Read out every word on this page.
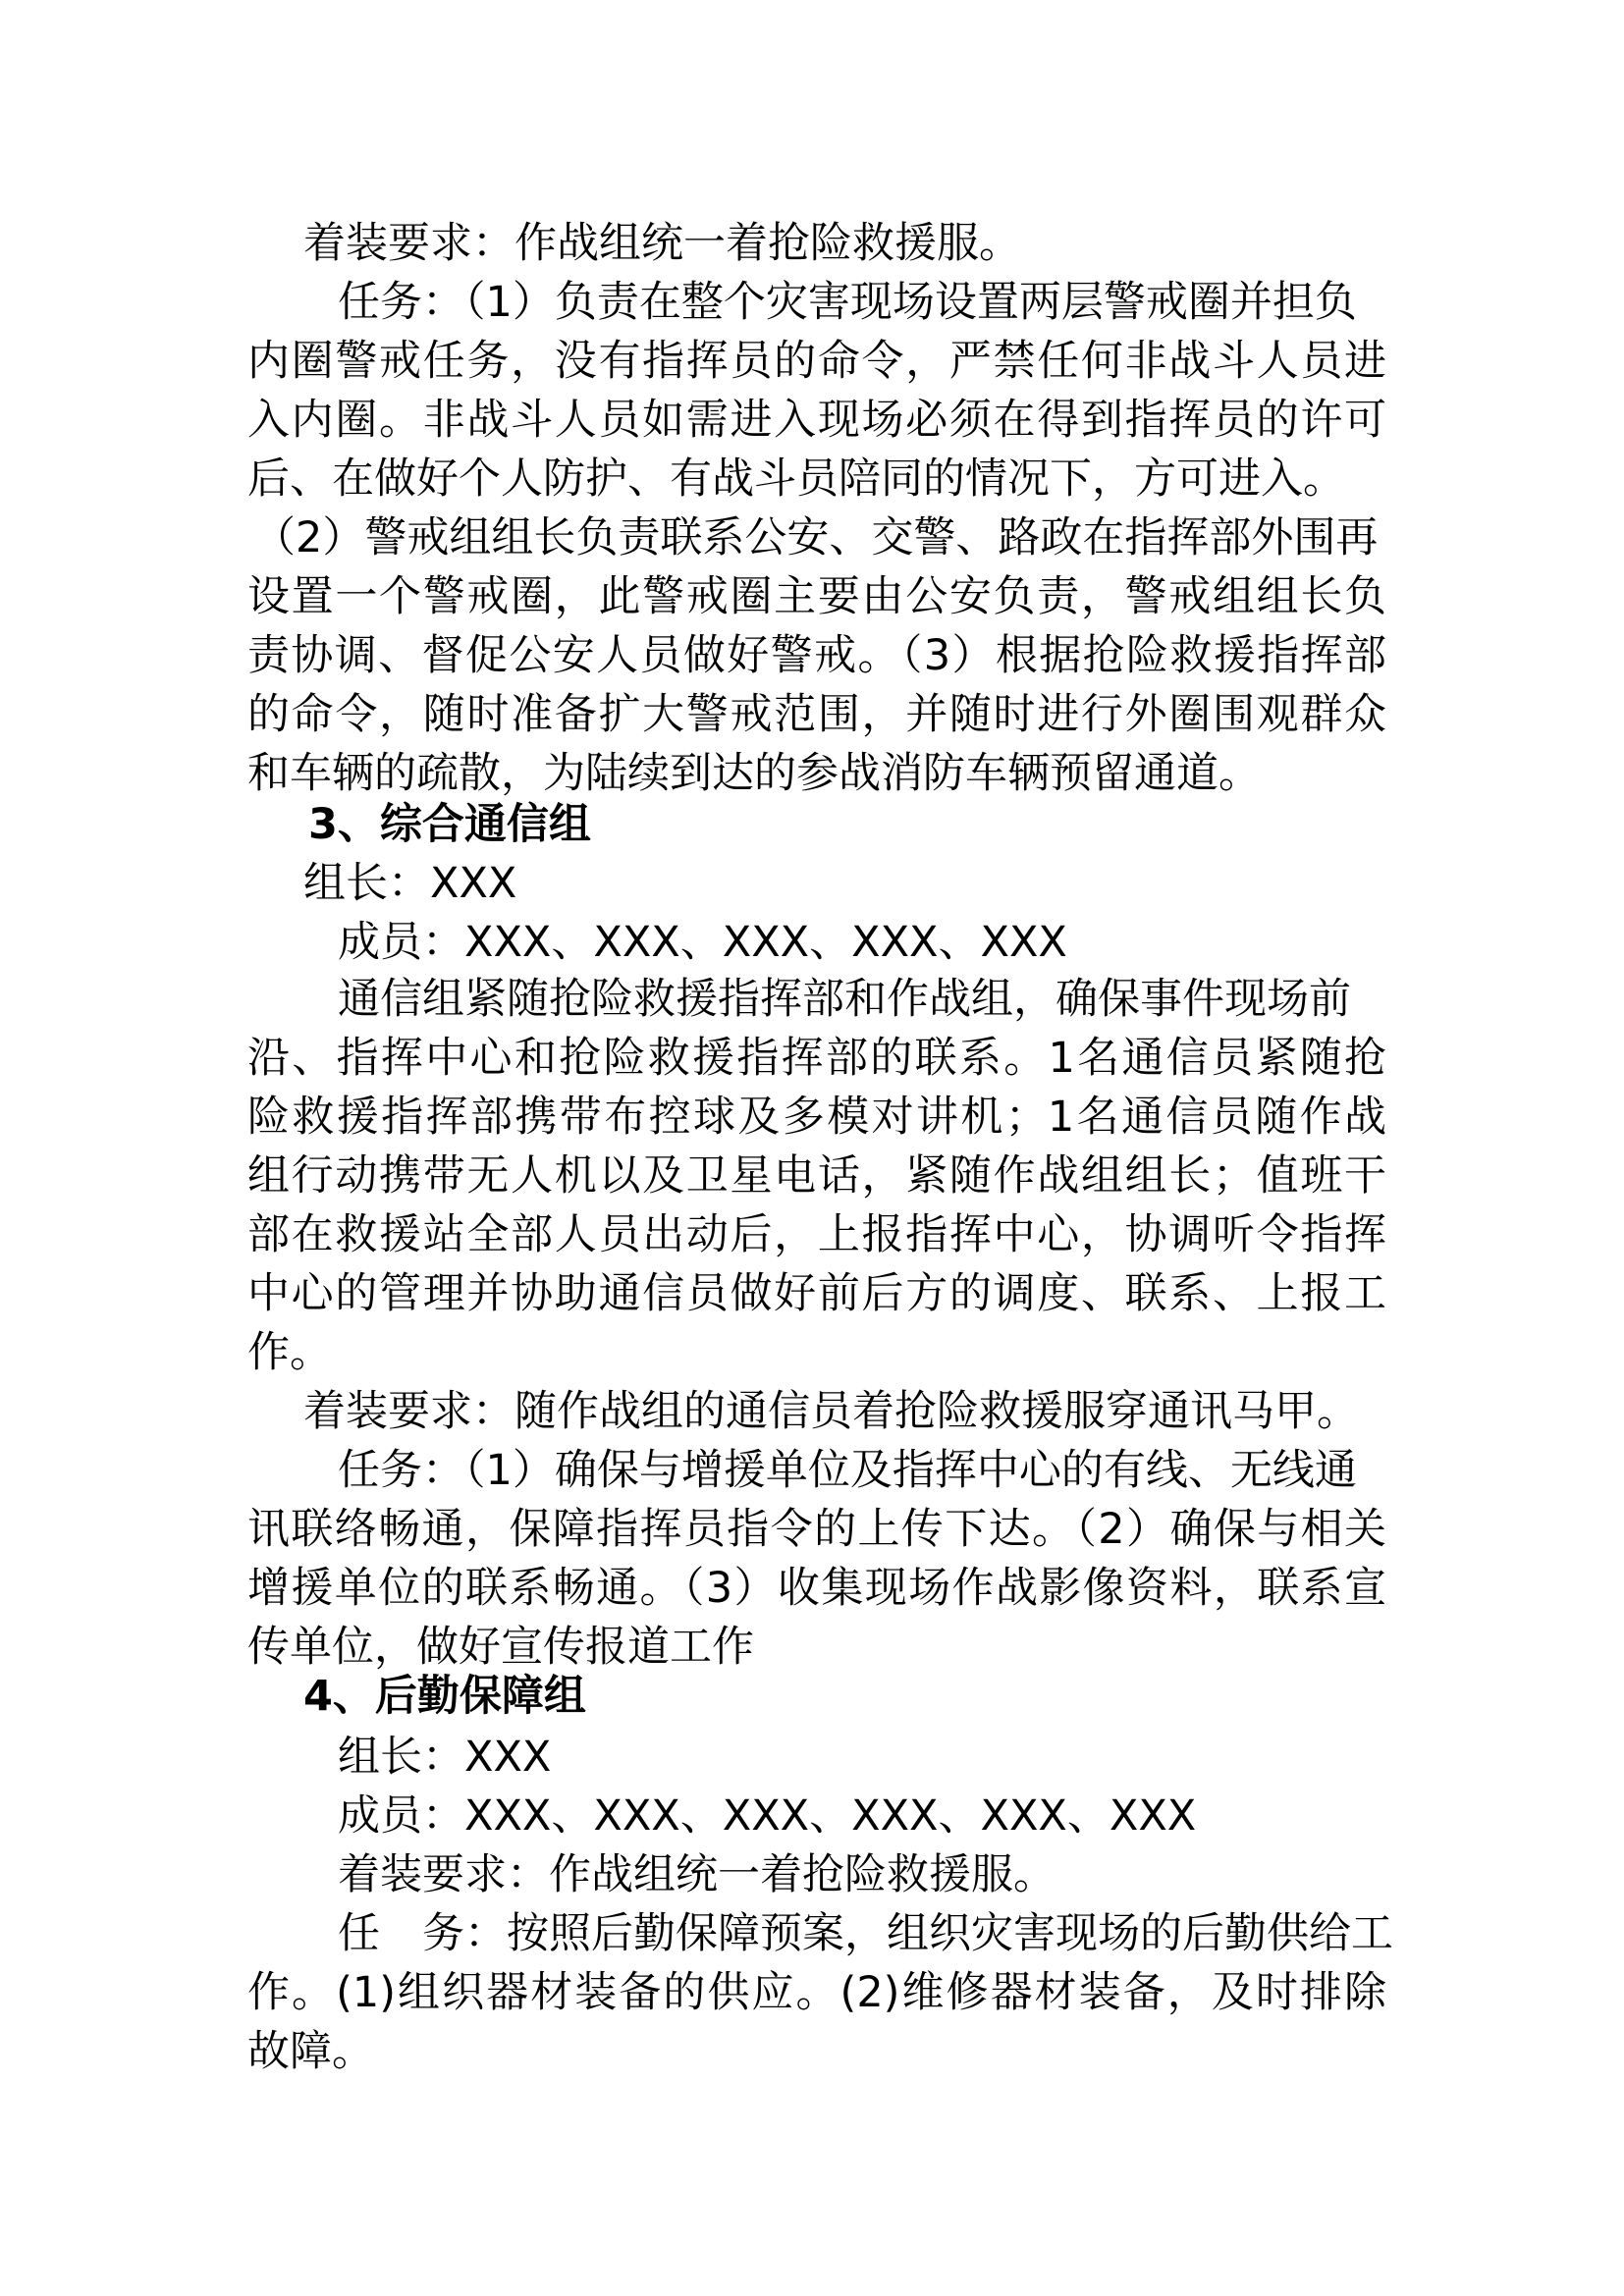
着装要求：作战组统一着抢险救援服。
任务：（1）负责在整个灾害现场设置两层警戒圈并担负
内圈警戒任务，没有指挥员的命令，严禁任何非战斗人员进
入内圈。非战斗人员如需进入现场必须在得到指挥员的许可
后、在做好个人防护、有战斗员陪同的情况下，方可进入。
（2）警戒组组长负责联系公安、交警、路政在指挥部外围再
设置一个警戒圈，此警戒圈主要由公安负责，警戒组组长负
责协调、督促公安人员做好警戒。（3）根据抢险救援指挥部
的命令，随时准备扩大警戒范围，并随时进行外圈围观群众
和车辆的疏散，为陆续到达的参战消防车辆预留通道。
3、综合通信组
组长：XXX
成员：XXX、XXX、XXX、XXX、XXX
通信组紧随抢险救援指挥部和作战组，确保事件现场前
沿、指挥中心和抢险救援指挥部的联系。1名通信员紧随抢
险救援指挥部携带布控球及多模对讲机；1名通信员随作战
组行动携带无人机以及卫星电话，紧随作战组组长；值班干
部在救援站全部人员出动后，上报指挥中心，协调听令指挥
中心的管理并协助通信员做好前后方的调度、联系、上报工
作。
着装要求：随作战组的通信员着抢险救援服穿通讯马甲。
任务：（1）确保与增援单位及指挥中心的有线、无线通
讯联络畅通，保障指挥员指令的上传下达。（2）确保与相关
增援单位的联系畅通。（3）收集现场作战影像资料，联系宣
传单位，做好宣传报道工作
4、后勤保障组
组长：XXX
成员：XXX、XXX、XXX、XXX、XXX、XXX
着装要求：作战组统一着抢险救援服。
任　务：按照后勤保障预案，组织灾害现场的后勤供给工
作。(1)组织器材装备的供应。(2)维修器材装备，及时排除
故障。
